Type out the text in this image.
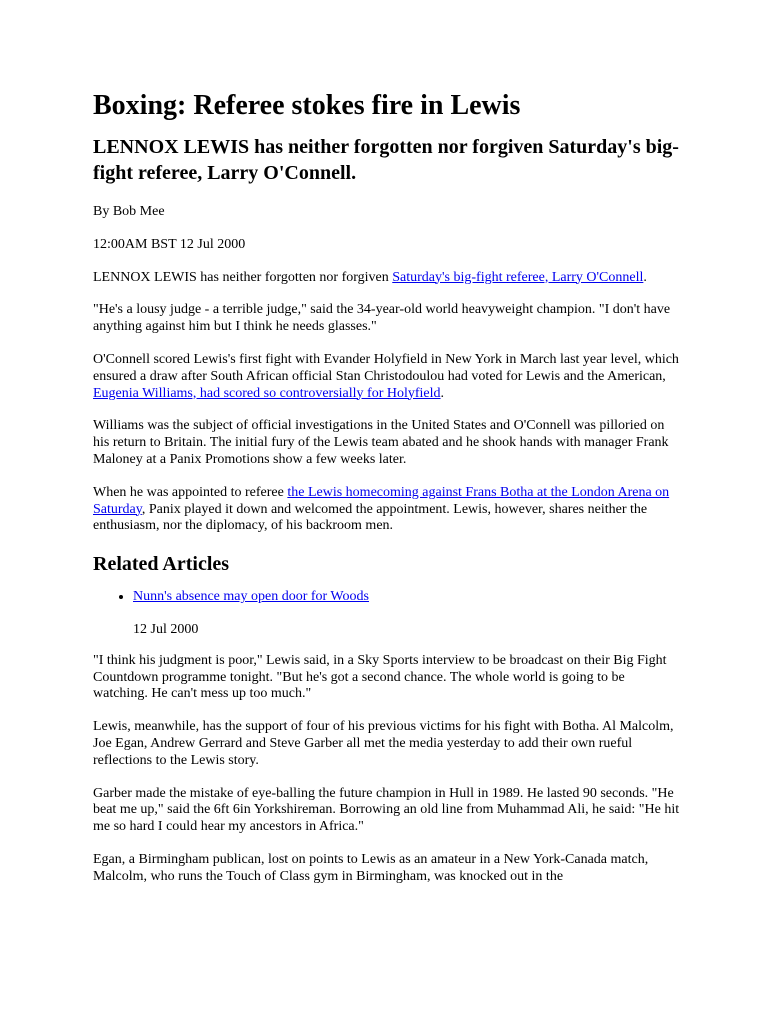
Boxing: Referee stokes fire in Lewis
LENNOX LEWIS has neither forgotten nor forgiven Saturday's big-fight referee, Larry O'Connell.

By Bob Mee

12:00AM BST 12 Jul 2000

LENNOX LEWIS has neither forgotten nor forgiven Saturday's big-fight referee, Larry O'Connell.

"He's a lousy judge - a terrible judge," said the 34-year-old world heavyweight champion. "I don't have anything against him but I think he needs glasses."

O'Connell scored Lewis's first fight with Evander Holyfield in New York in March last year level, which ensured a draw after South African official Stan Christodoulou had voted for Lewis and the American, Eugenia Williams, had scored so controversially for Holyfield.

Williams was the subject of official investigations in the United States and O'Connell was pilloried on his return to Britain. The initial fury of the Lewis team abated and he shook hands with manager Frank Maloney at a Panix Promotions show a few weeks later.

When he was appointed to referee the Lewis homecoming against Frans Botha at the London Arena on Saturday, Panix played it down and welcomed the appointment. Lewis, however, shares neither the enthusiasm, nor the diplomacy, of his backroom men.

Related Articles
• Nunn's absence may open door for Woods

12 Jul 2000

"I think his judgment is poor," Lewis said, in a Sky Sports interview to be broadcast on their Big Fight Countdown programme tonight. "But he's got a second chance. The whole world is going to be watching. He can't mess up too much."

Lewis, meanwhile, has the support of four of his previous victims for his fight with Botha. Al Malcolm, Joe Egan, Andrew Gerrard and Steve Garber all met the media yesterday to add their own rueful reflections to the Lewis story.

Garber made the mistake of eye-balling the future champion in Hull in 1989. He lasted 90 seconds. "He beat me up," said the 6ft 6in Yorkshireman. Borrowing an old line from Muhammad Ali, he said: "He hit me so hard I could hear my ancestors in Africa."

Egan, a Birmingham publican, lost on points to Lewis as an amateur in a New York-Canada match, Malcolm, who runs the Touch of Class gym in Birmingham, was knocked out in the
